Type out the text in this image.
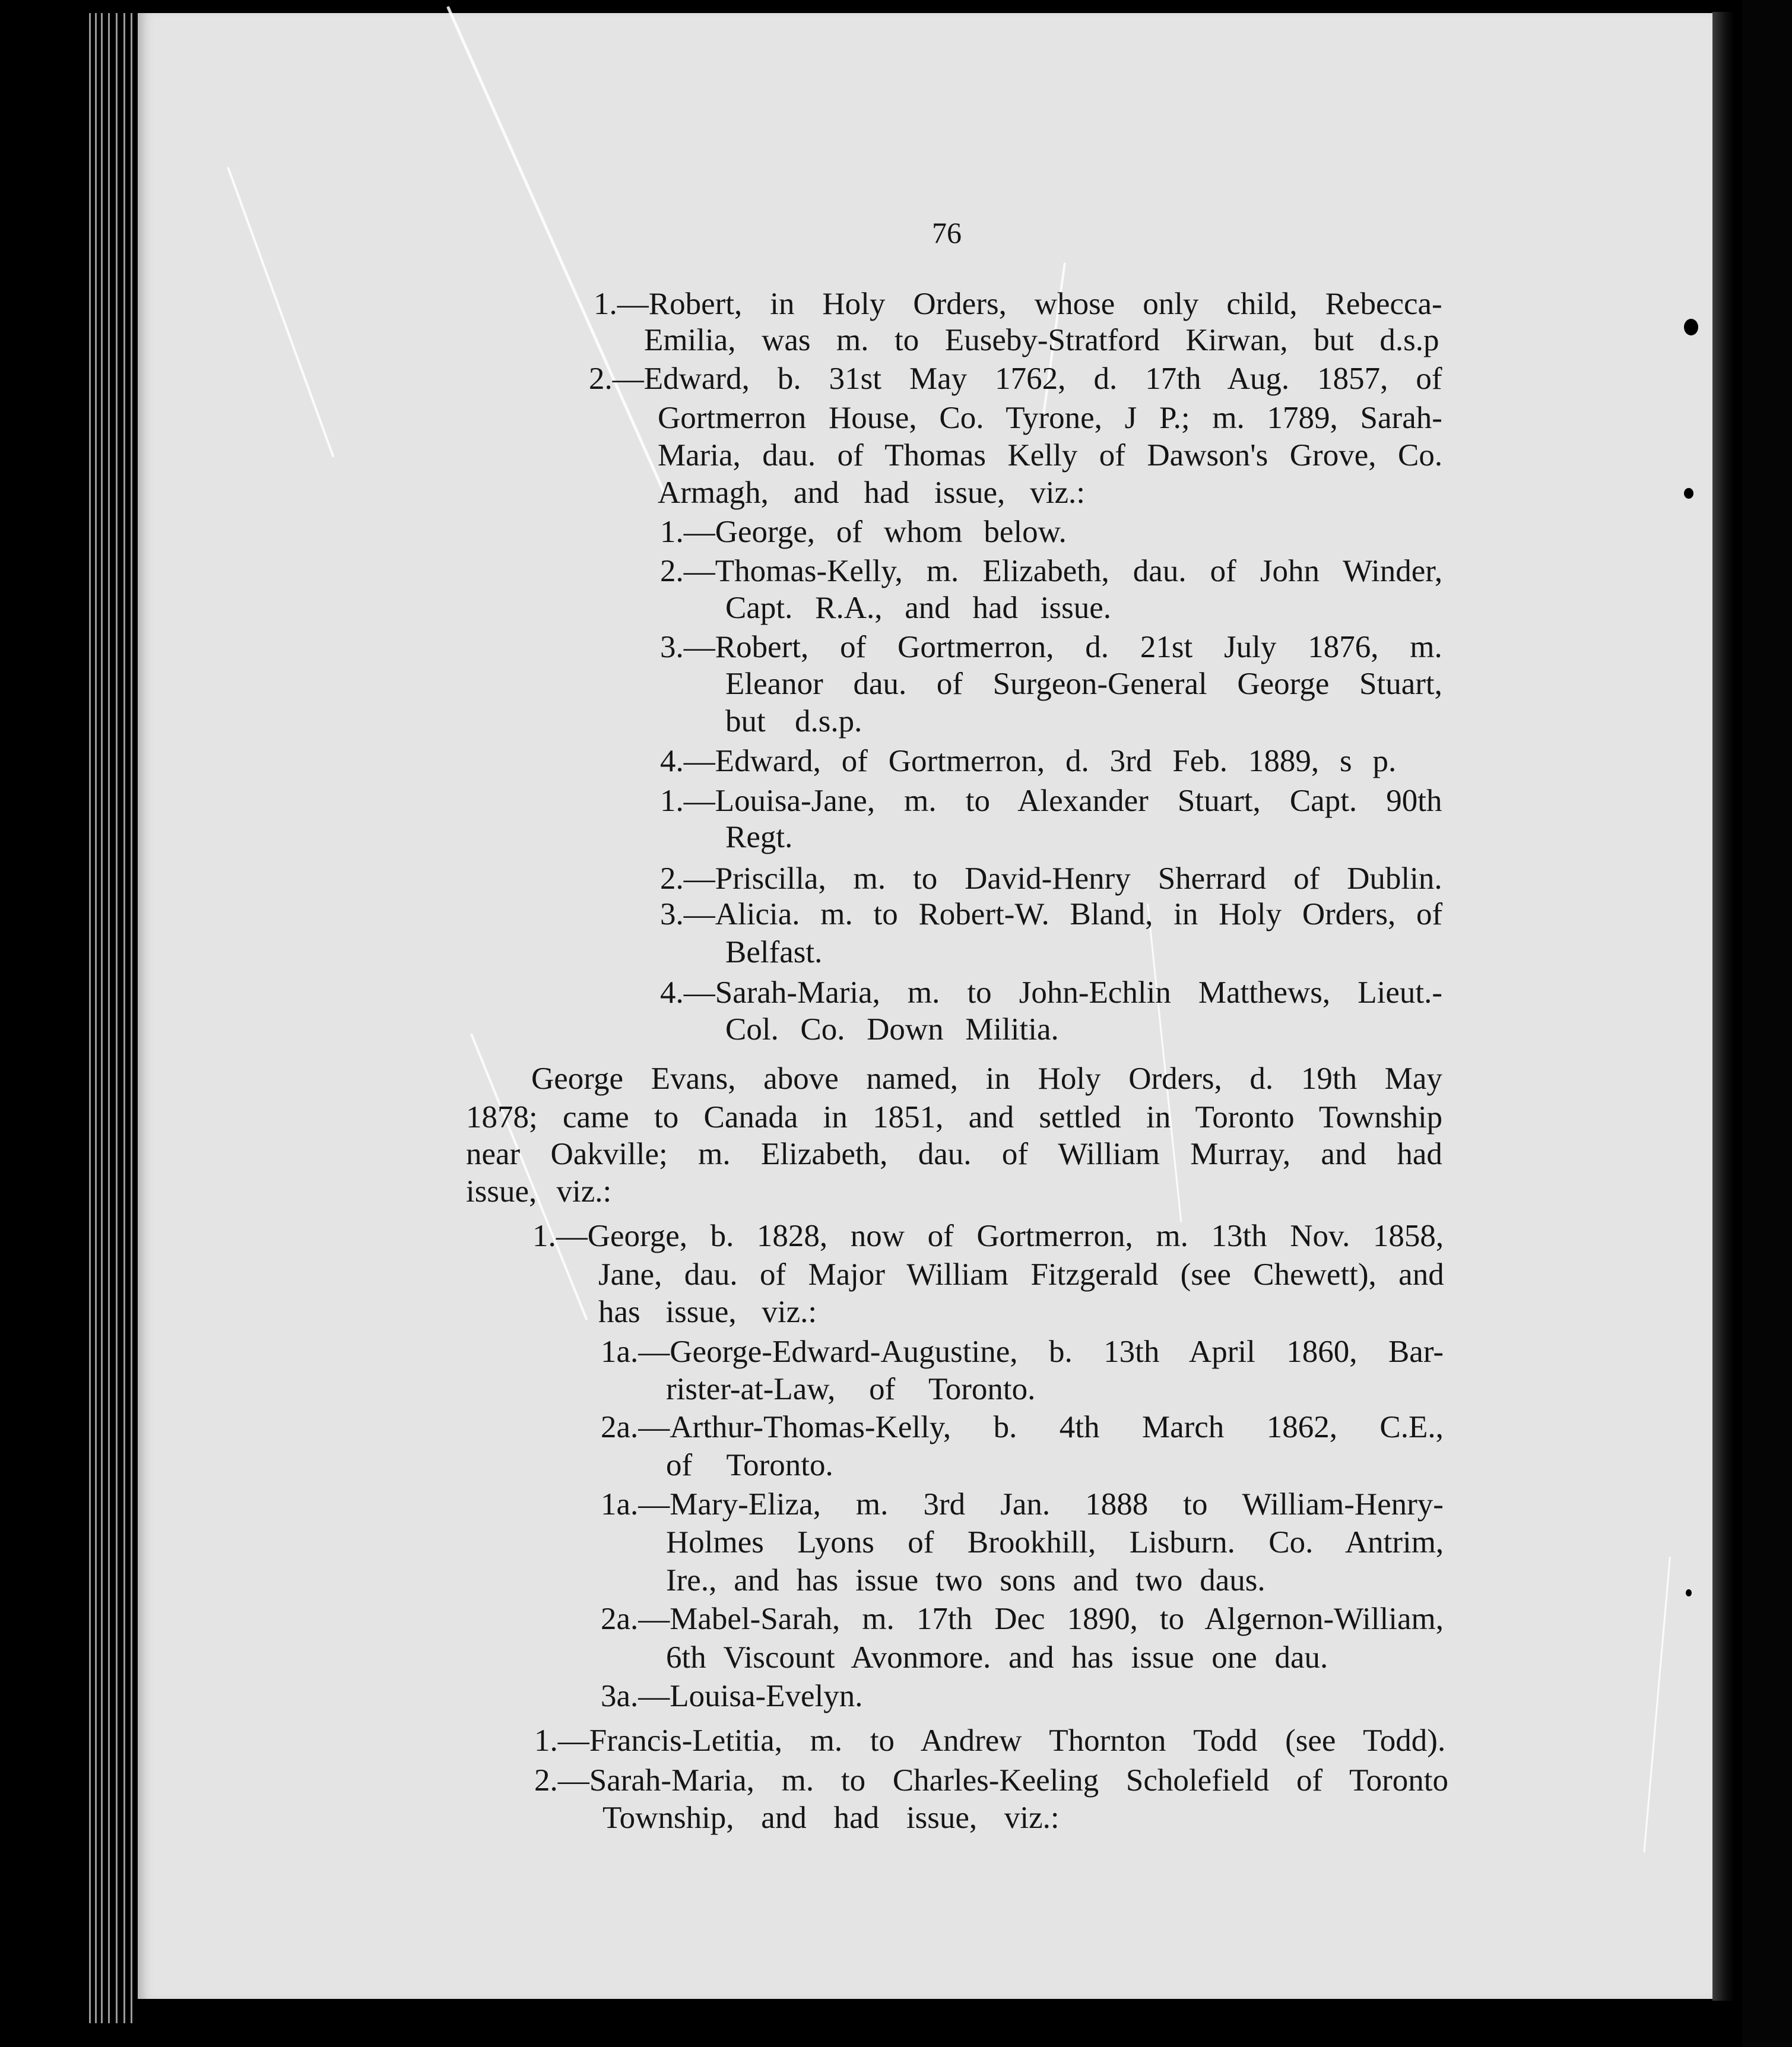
76
1.—Robert, in Holy Orders, whose only child, Rebecca-
Emilia, was m. to Euseby-Stratford Kirwan, but d.s.p
2.—Edward, b. 31st May 1762, d. 17th Aug. 1857, of
Gortmerron House, Co. Tyrone, J P.; m. 1789, Sarah-
Maria, dau. of Thomas Kelly of Dawson's Grove, Co.
Armagh, and had issue, viz.:
1.—George, of whom below.
2.—Thomas-Kelly, m. Elizabeth, dau. of John Winder,
Capt. R.A., and had issue.
3.—Robert, of Gortmerron, d. 21st July 1876, m.
Eleanor dau. of Surgeon-General George Stuart,
but d.s.p.
4.—Edward, of Gortmerron, d. 3rd Feb. 1889, s p.
1.—Louisa-Jane, m. to Alexander Stuart, Capt. 90th
Regt.
2.—Priscilla, m. to David-Henry Sherrard of Dublin.
3.—Alicia. m. to Robert-W. Bland, in Holy Orders, of
Belfast.
4.—Sarah-Maria, m. to John-Echlin Matthews, Lieut.-
Col. Co. Down Militia.
George Evans, above named, in Holy Orders, d. 19th May
1878; came to Canada in 1851, and settled in Toronto Township
near Oakville; m. Elizabeth, dau. of William Murray, and had
issue, viz.:
1.—George, b. 1828, now of Gortmerron, m. 13th Nov. 1858,
Jane, dau. of Major William Fitzgerald (see Chewett), and
has issue, viz.:
1a.—George-Edward-Augustine, b. 13th April 1860, Bar-
rister-at-Law, of Toronto.
2a.—Arthur-Thomas-Kelly, b. 4th March 1862, C.E.,
of Toronto.
1a.—Mary-Eliza, m. 3rd Jan. 1888 to William-Henry-
Holmes Lyons of Brookhill, Lisburn. Co. Antrim,
Ire., and has issue two sons and two daus.
2a.—Mabel-Sarah, m. 17th Dec 1890, to Algernon-William,
6th Viscount Avonmore. and has issue one dau.
3a.—Louisa-Evelyn.
1.—Francis-Letitia, m. to Andrew Thornton Todd (see Todd).
2.—Sarah-Maria, m. to Charles-Keeling Scholefield of Toronto
Township, and had issue, viz.:
